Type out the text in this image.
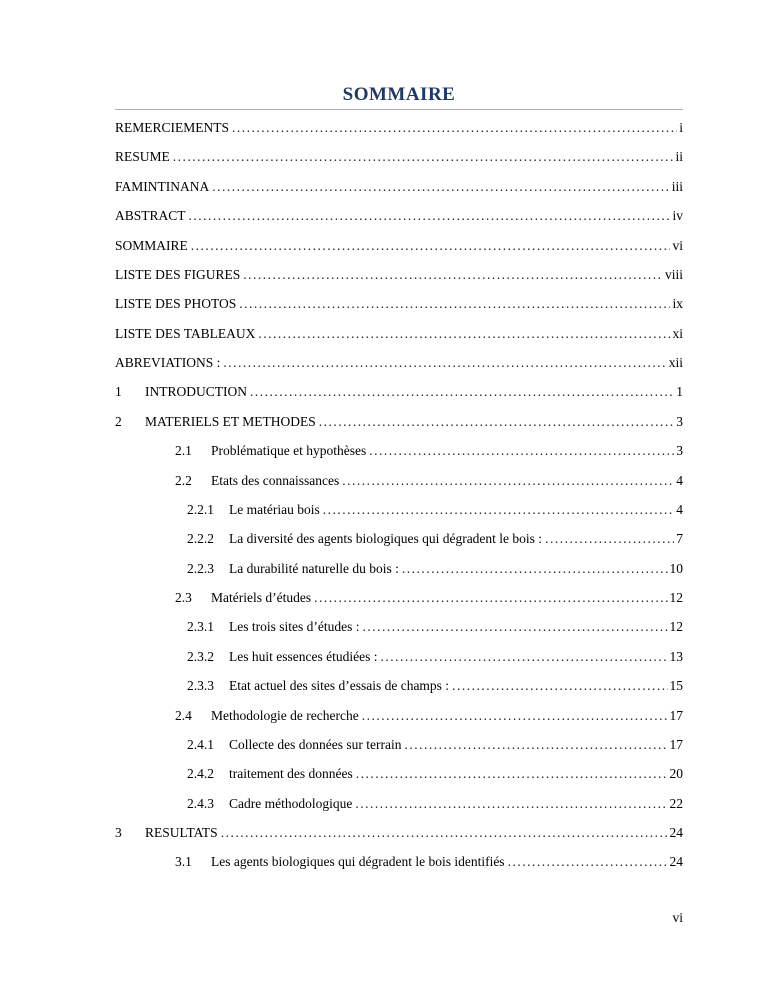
SOMMAIRE
REMERCIEMENTS .....	i
RESUME .....	ii
FAMINTINANA .....	iii
ABSTRACT .....	iv
SOMMAIRE .....	vi
LISTE DES FIGURES .....	viii
LISTE DES PHOTOS .....	ix
LISTE DES TABLEAUX .....	xi
ABREVIATIONS : .....	xii
1	INTRODUCTION .....	1
2	MATERIELS ET METHODES .....	3
2.1	Problématique et hypothèses .....	3
2.2	Etats des connaissances .....	4
2.2.1	Le matériau bois .....	4
2.2.2	La diversité des agents biologiques qui dégradent le bois : .....	7
2.2.3	La durabilité naturelle du bois : .....	10
2.3	Matériels d’études .....	12
2.3.1	Les trois sites d’études : .....	12
2.3.2	Les huit essences étudiées : .....	13
2.3.3	Etat actuel des sites d’essais de champs : .....	15
2.4	Methodologie de recherche .....	17
2.4.1	Collecte des données sur terrain .....	17
2.4.2	traitement des données .....	20
2.4.3	Cadre méthodologique .....	22
3	RESULTATS .....	24
3.1	Les agents biologiques qui dégradent le bois identifiés .....	24
vi
